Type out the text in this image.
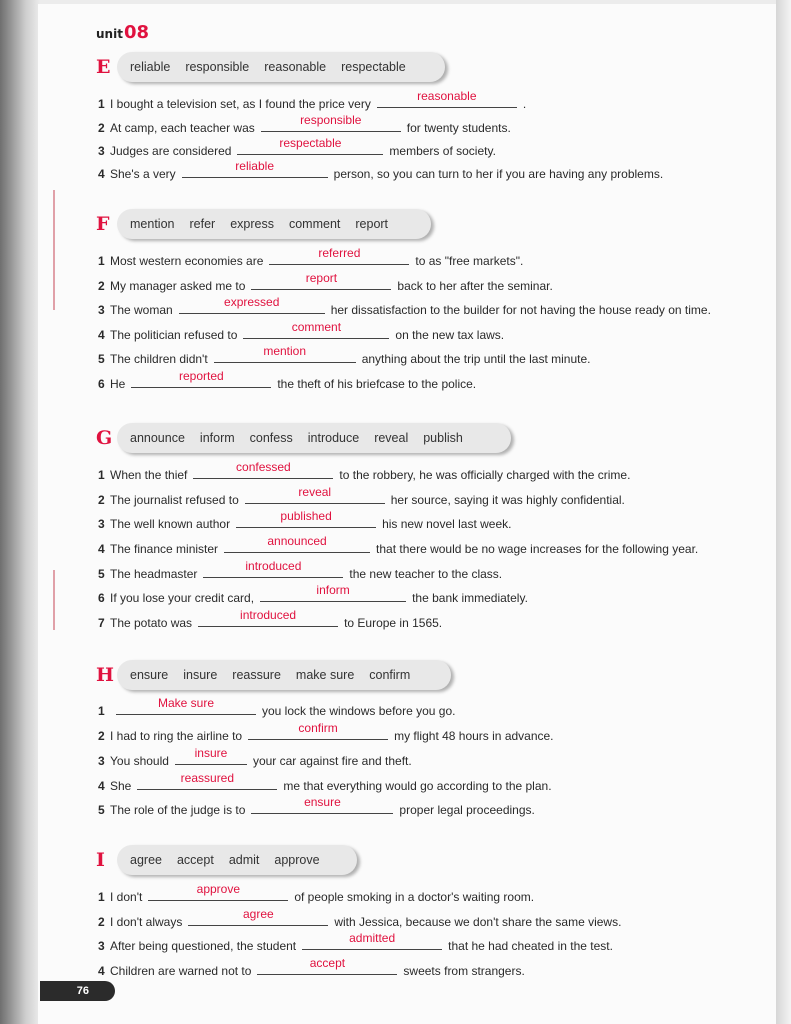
unit08
E reliable responsible reasonable respectable
1 I bought a television set, as I found the price very
reasonable
.
2 At camp, each teacher was
responsible
for twenty students.
3 Judges are considered
respectable
members of society.
4 She's a very
reliable
person, so you can turn to her if you are having any problems.
F mention refer express comment report
1 Most western economies are
referred
to as "free markets".
2 My manager asked me to
report
back to her after the seminar.
3 The woman
expressed
her dissatisfaction to the builder for not having the house ready on time.
4 The politician refused to
comment
on the new tax laws.
5 The children didn't
mention
anything about the trip until the last minute.
6 He
reported
the theft of his briefcase to the police.
G announce inform confess introduce reveal publish
1 When the thief
confessed
to the robbery, he was officially charged with the crime.
2 The journalist refused to
reveal
her source, saying it was highly confidential.
3 The well known author
published
his new novel last week.
4 The finance minister
announced
that there would be no wage increases for the following year.
5 The headmaster
introduced
the new teacher to the class.
6 If you lose your credit card,
inform
the bank immediately.
7 The potato was
introduced
to Europe in 1565.
H ensure insure reassure make sure confirm
1
Make sure
you lock the windows before you go.
2 I had to ring the airline to
confirm
my flight 48 hours in advance.
3 You should
insure
your car against fire and theft.
4 She
reassured
me that everything would go according to the plan.
5 The role of the judge is to
ensure
proper legal proceedings.
I agree accept admit approve
1 I don't
approve
of people smoking in a doctor's waiting room.
2 I don't always
agree
with Jessica, because we don't share the same views.
3 After being questioned, the student
admitted
that he had cheated in the test.
4 Children are warned not to
accept
sweets from strangers.
76
